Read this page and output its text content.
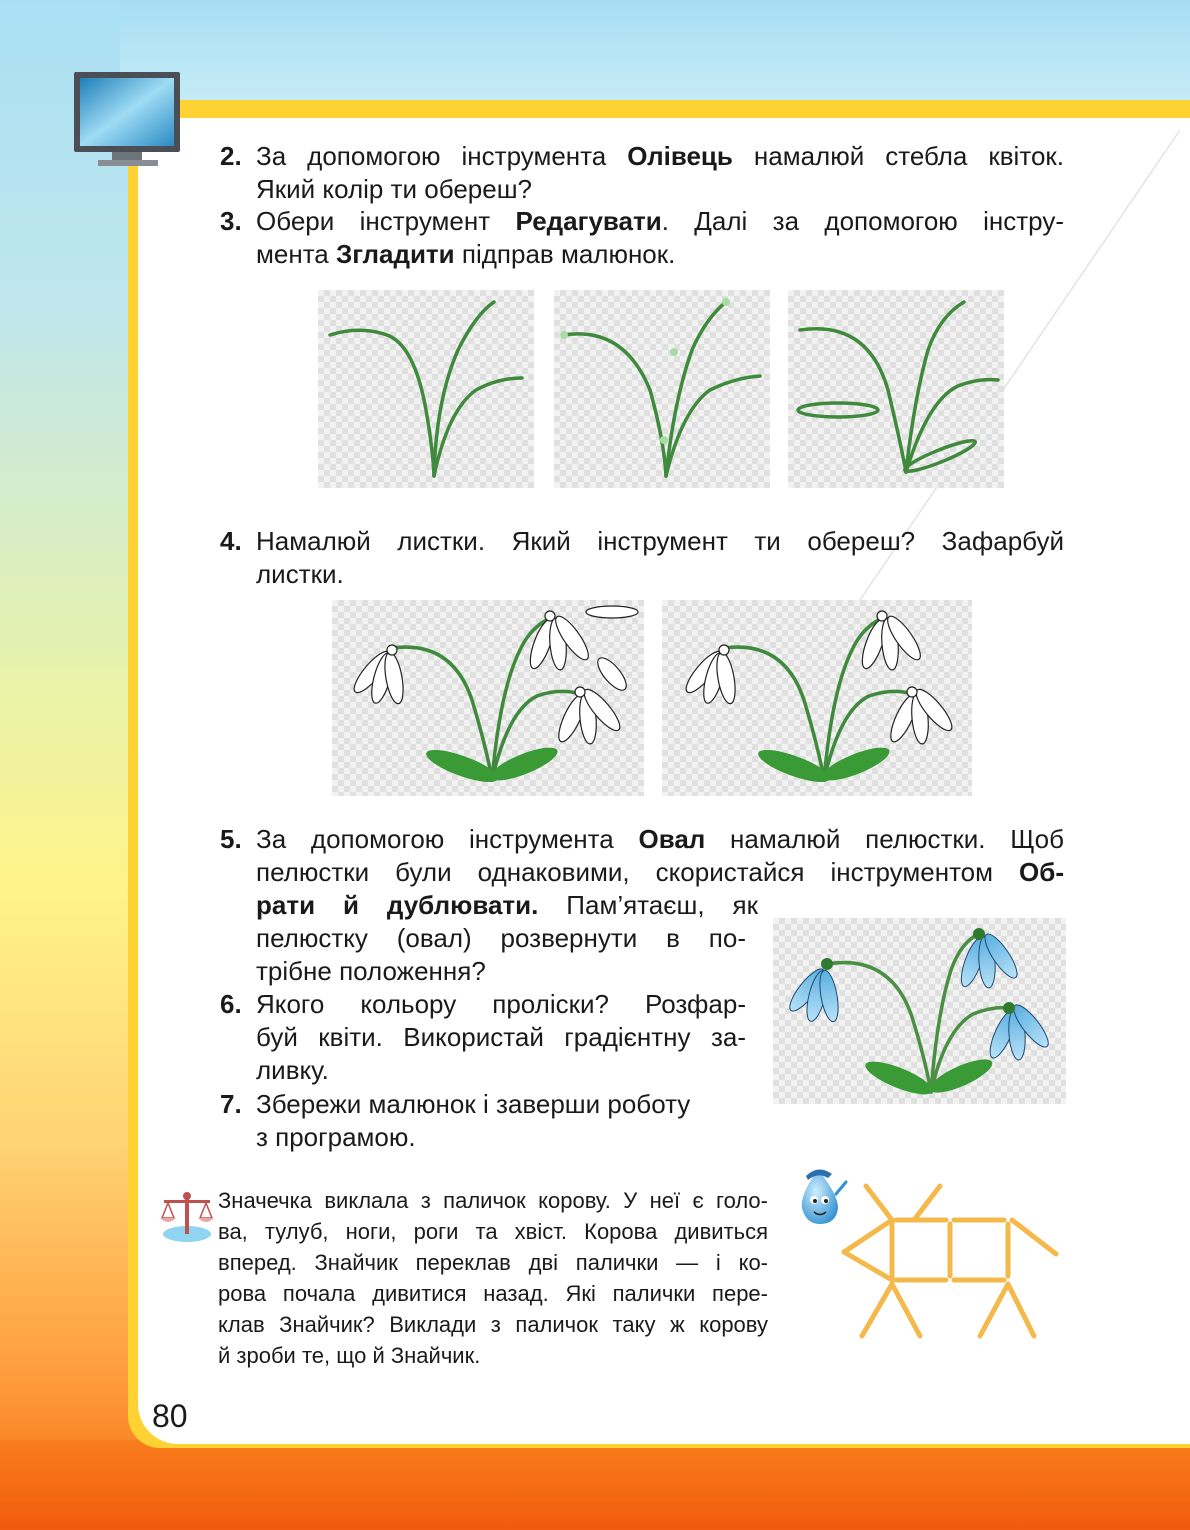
2. За допомогою інструмента Олівець намалюй стебла квіток.
Який колір ти обереш?
3. Обери інструмент Редагувати. Далі за допомогою інстру-
мента Згладити підправ малюнок.
4. Намалюй листки. Який інструмент ти обереш? Зафарбуй
листки.
5. За допомогою інструмента Овал намалюй пелюстки. Щоб
пелюстки були однаковими, скористайся інструментом Об-
рати й дублювати. Пам’ятаєш, як
пелюстку (овал) розвернути в по-
трібне положення?
6. Якого кольору проліски? Розфар-
буй квіти. Використай градієнтну за-
ливку.
7. Збережи малюнок і заверши роботу
з програмою.
Значечка виклала з паличок корову. У неї є голо-
ва, тулуб, ноги, роги та хвіст. Корова дивиться
вперед. Знайчик переклав дві палички — і ко-
рова почала дивитися назад. Які палички пере-
клав Знайчик? Виклади з паличок таку ж корову
й зроби те, що й Знайчик.
80
